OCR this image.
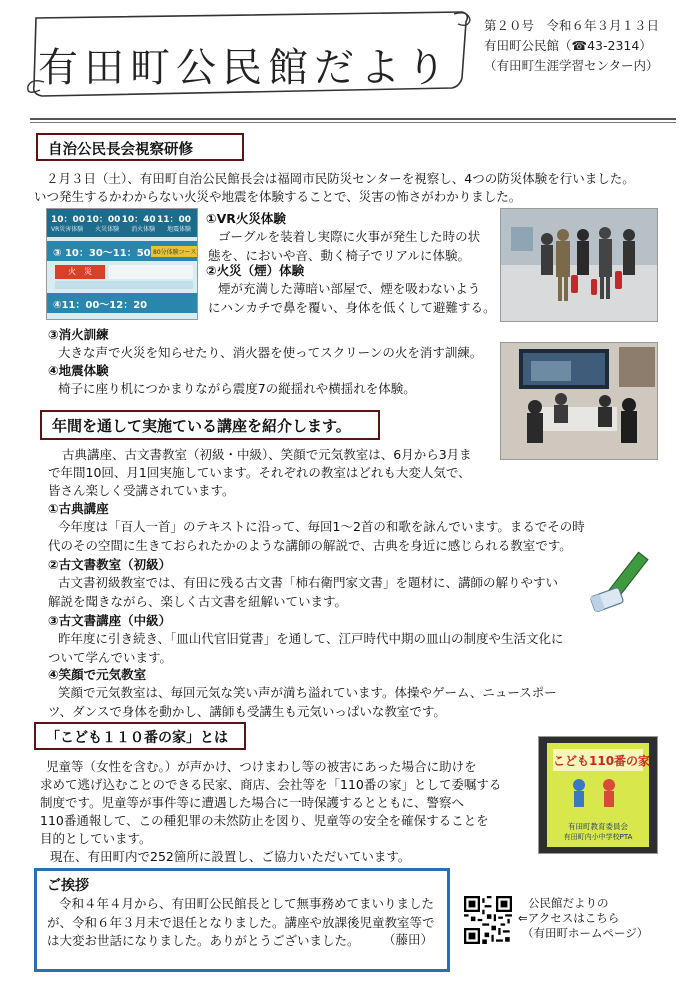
有田町公民館だより
第２０号　令和６年３月１３日
有田町公民館（☎43-2314）
（有田町生涯学習センター内）
自治公民長会視察研修
２月３日（土）、有田町自治公民館長会は福岡市民防災センターを視察し、4つの防災体験を行いました。
いつ発生するかわからない火災や地震を体験することで、災害の怖さがわかりました。
10：00 10：00 10：40 11：00
VR災害体験 火災体験 消火体験 地震体験
③ 10：30～11：50 80分体験コース
火　災
④11：00～12：20
①VR火災体験
ゴーグルを装着し実際に火事が発生した時の状
態を、においや音、動く椅子でリアルに体験。
②火災（煙）体験
煙が充満した薄暗い部屋で、煙を吸わないよう
にハンカチで鼻を覆い、身体を低くして避難する。
③消火訓練
大きな声で火災を知らせたり、消火器を使ってスクリーンの火を消す訓練。
④地震体験
椅子に座り机につかまりながら震度7の縦揺れや横揺れを体験。
年間を通して実施ている講座を紹介します。
古典講座、古文書教室（初級・中級）、笑顔で元気教室は、6月から3月ま
で年間10回、月1回実施しています。それぞれの教室はどれも大変人気で、
皆さん楽しく受講されています。
①古典講座
今年度は「百人一首」のテキストに沿って、毎回1～2首の和歌を詠んでいます。まるでその時
代のその空間に生きておられたかのような講師の解説で、古典を身近に感じられる教室です。
②古文書教室（初級）
古文書初級教室では、有田に残る古文書「柿右衛門家文書」を題材に、講師の解りやすい
解説を聞きながら、楽しく古文書を紐解いています。
③古文書講座（中級）
昨年度に引き続き、「皿山代官旧覚書」を通して、江戸時代中期の皿山の制度や生活文化に
ついて学んでいます。
④笑顔で元気教室
笑顔で元気教室は、毎回元気な笑い声が満ち溢れています。体操やゲーム、ニュースポー
ツ、ダンスで身体を動かし、講師も受講生も元気いっぱいな教室です。
「こども１１０番の家」とは
児童等（女性を含む。）が声かけ、つけまわし等の被害にあった場合に助けを
求めて逃げ込むことのできる民家、商店、会社等を「110番の家」として委嘱する
制度です。児童等が事件等に遭遇した場合に一時保護するとともに、警察へ
110番通報して、この種犯罪の未然防止を図り、児童等の安全を確保することを
目的としています。
現在、有田町内で252箇所に設置し、ご協力いただいています。
こども110番の家
有田町教育委員会
有田町内小中学校PTA
ご挨拶
令和４年４月から、有田町公民館長として無事務めてまいりましたが、令和６年３月末で退任となりました。講座や放課後児童教室等では大変お世話になりました。ありがとうございました。	（藤田）
公民館だよりの
⇐アクセスはこちら
（有田町ホームページ）
